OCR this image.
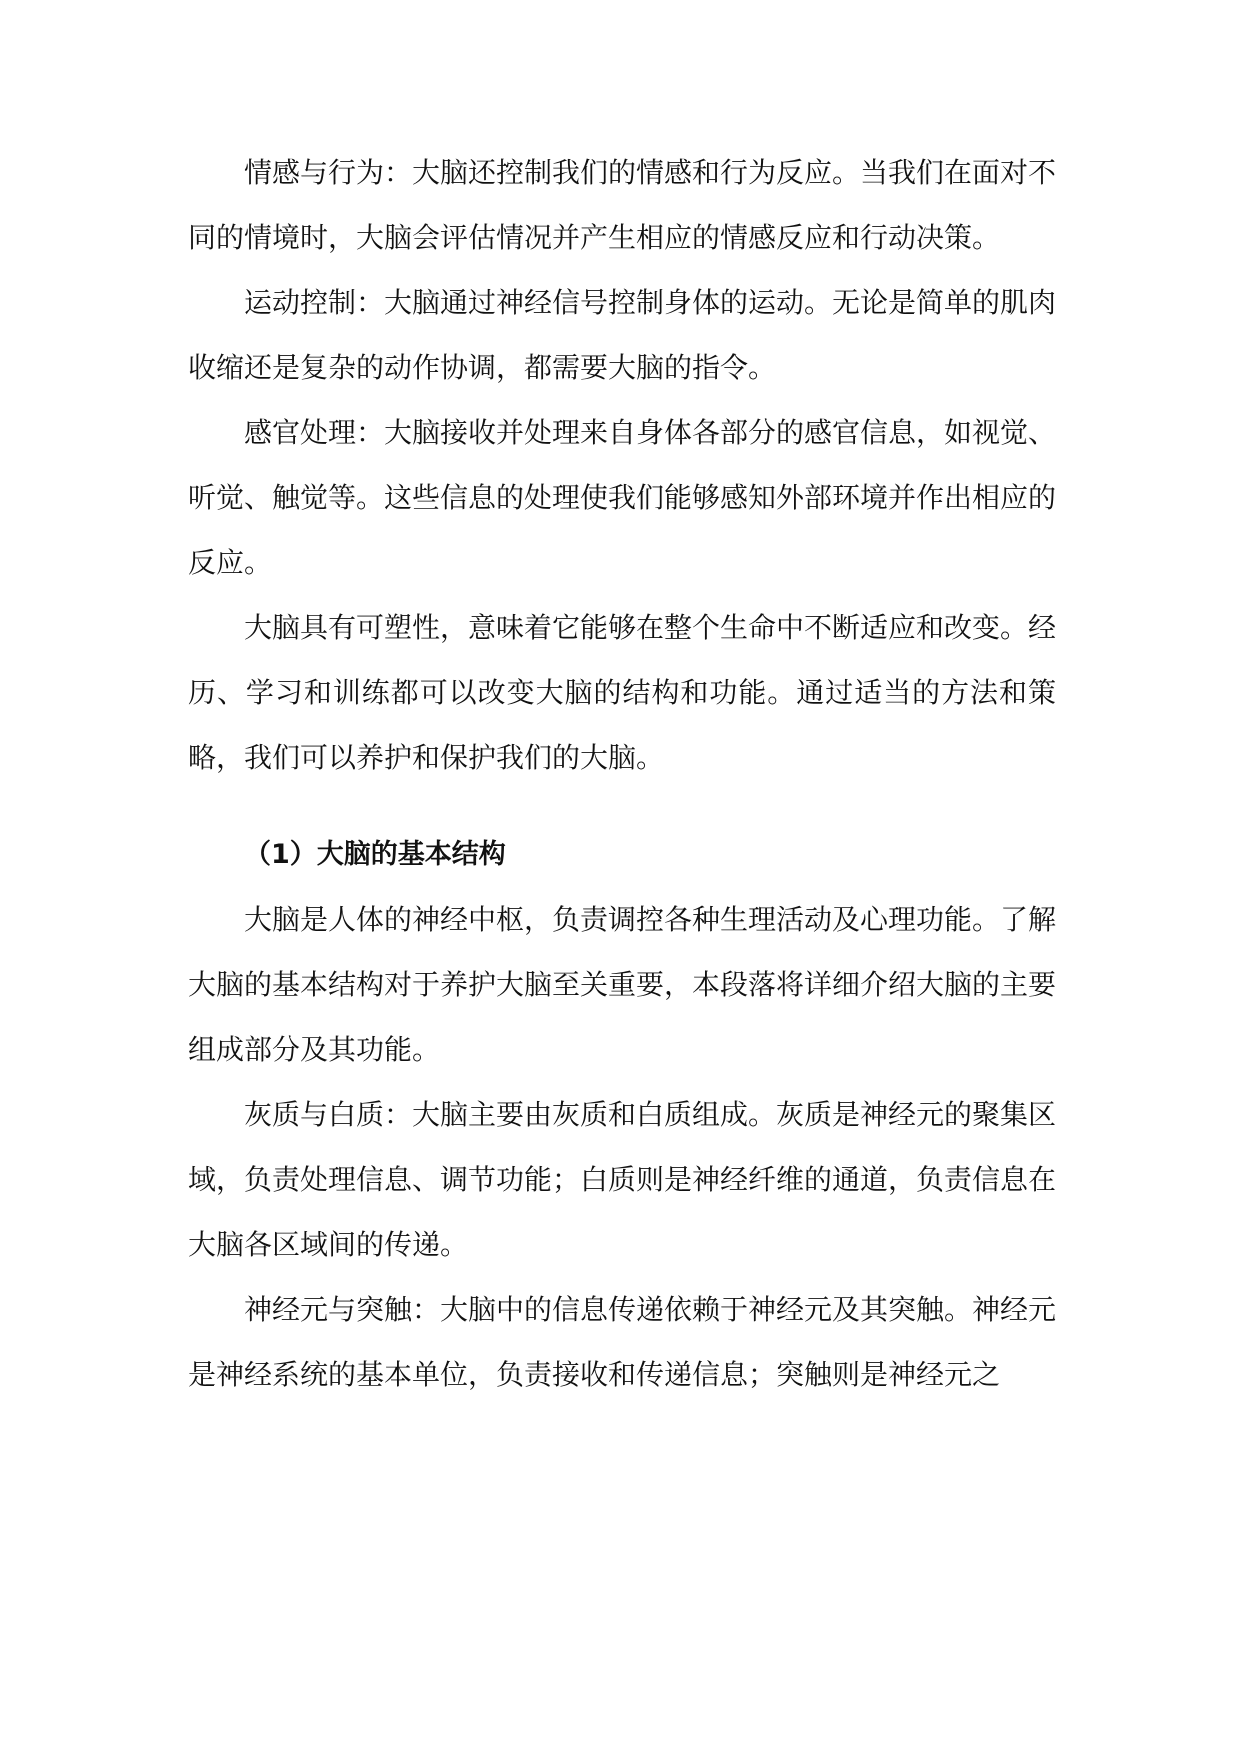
情感与行为：大脑还控制我们的情感和行为反应。当我们在面对不同的情境时，大脑会评估情况并产生相应的情感反应和行动决策。

运动控制：大脑通过神经信号控制身体的运动。无论是简单的肌肉收缩还是复杂的动作协调，都需要大脑的指令。

感官处理：大脑接收并处理来自身体各部分的感官信息，如视觉、听觉、触觉等。这些信息的处理使我们能够感知外部环境并作出相应的反应。

大脑具有可塑性，意味着它能够在整个生命中不断适应和改变。经历、学习和训练都可以改变大脑的结构和功能。通过适当的方法和策略，我们可以养护和保护我们的大脑。

（1）大脑的基本结构

大脑是人体的神经中枢，负责调控各种生理活动及心理功能。了解大脑的基本结构对于养护大脑至关重要，本段落将详细介绍大脑的主要组成部分及其功能。

灰质与白质：大脑主要由灰质和白质组成。灰质是神经元的聚集区域，负责处理信息、调节功能；白质则是神经纤维的通道，负责信息在大脑各区域间的传递。

神经元与突触：大脑中的信息传递依赖于神经元及其突触。神经元是神经系统的基本单位，负责接收和传递信息；突触则是神经元之
